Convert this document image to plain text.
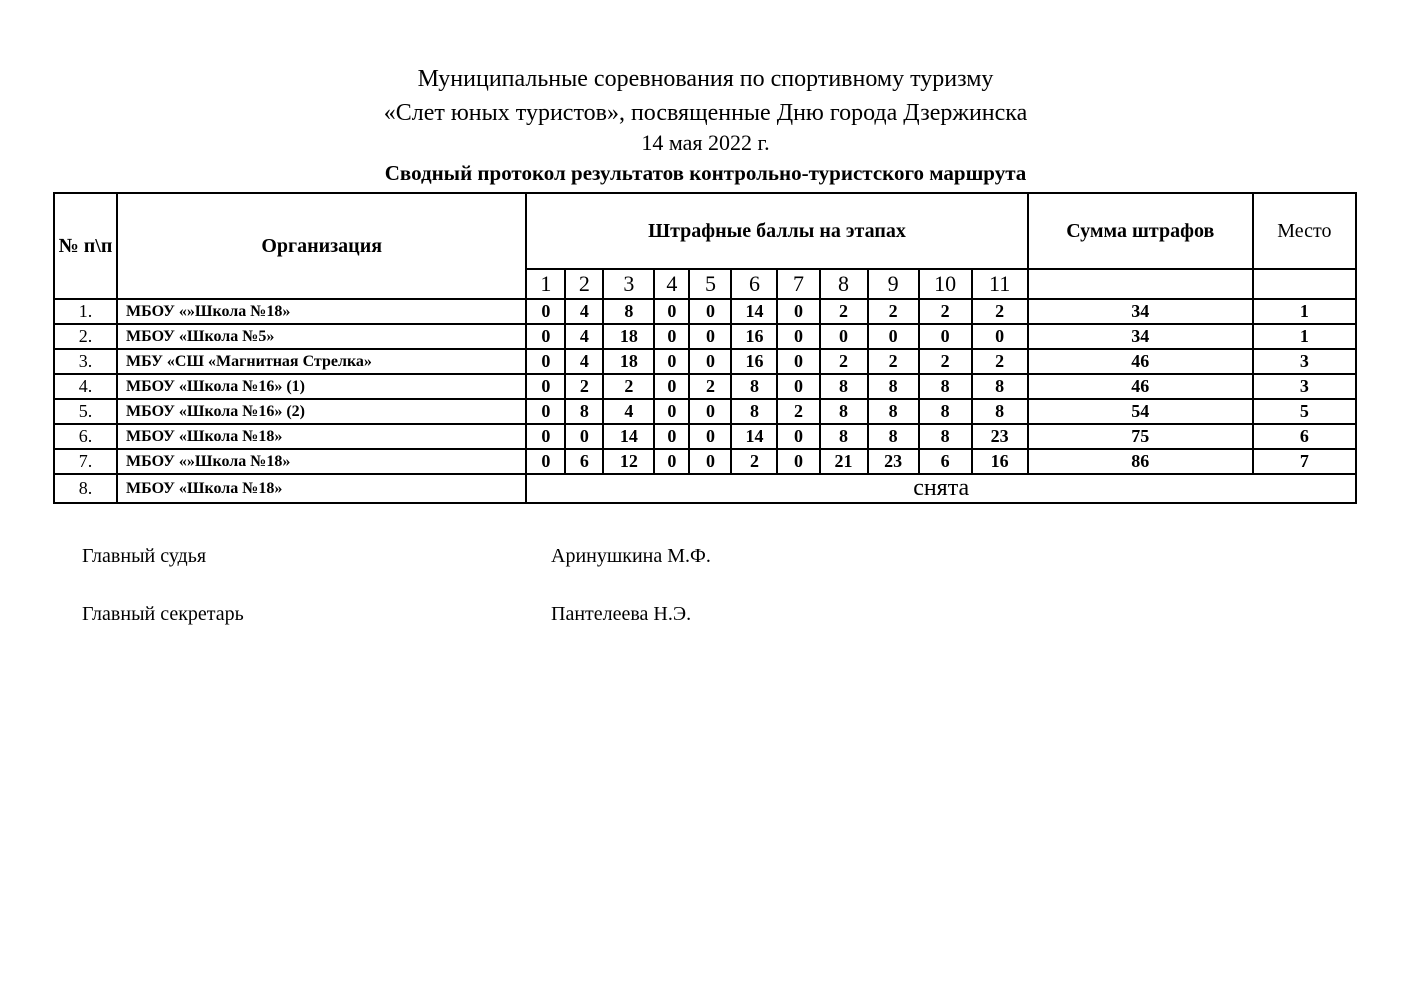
Муниципальные соревнования по спортивному туризму
«Слет юных туристов», посвященные Дню города Дзержинска
14 мая 2022 г.
Сводный протокол результатов контрольно-туристского маршрута
№ п\п	Организация	Штрафные баллы на этапах											Сумма штрафов	Место
		1	2	3	4	5	6	7	8	9	10	11		
1.	МБОУ «»Школа №18»	0	4	8	0	0	14	0	2	2	2	2	34	1
2.	МБОУ «Школа №5»	0	4	18	0	0	16	0	0	0	0	0	34	1
3.	МБУ «СШ «Магнитная Стрелка»	0	4	18	0	0	16	0	2	2	2	2	46	3
4.	МБОУ «Школа №16» (1)	0	2	2	0	2	8	0	8	8	8	8	46	3
5.	МБОУ «Школа №16» (2)	0	8	4	0	0	8	2	8	8	8	8	54	5
6.	МБОУ «Школа №18»	0	0	14	0	0	14	0	8	8	8	23	75	6
7.	МБОУ «»Школа №18»	0	6	12	0	0	2	0	21	23	6	16	86	7
8.	МБОУ «Школа №18»	снята												
Главный судья	Аринушкина М.Ф.
Главный секретарь	Пантелеева Н.Э.
